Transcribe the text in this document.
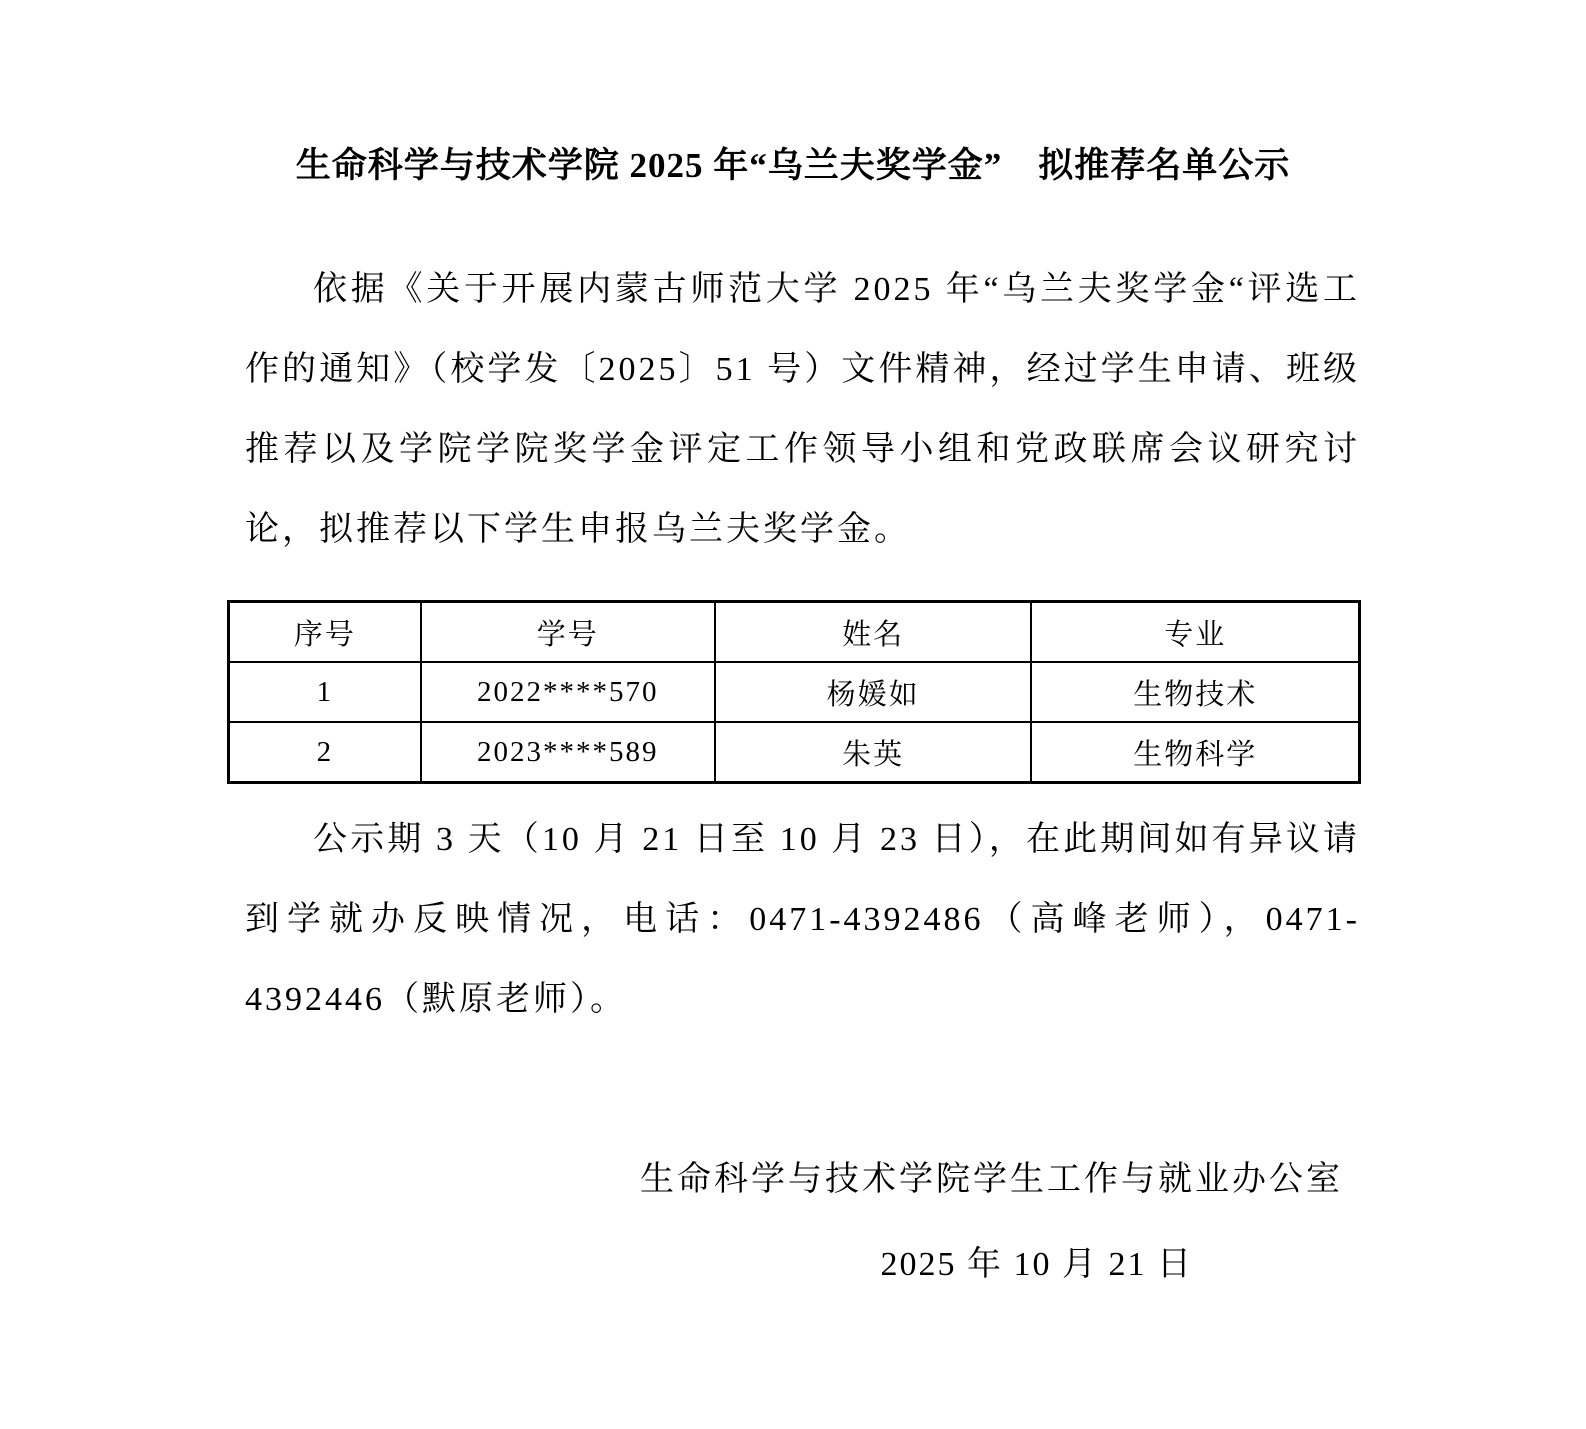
生命科学与技术学院 2025 年“乌兰夫奖学金”　拟推荐名单公示

依据《关于开展内蒙古师范大学 2025 年“乌兰夫奖学金“评选工作的通知》（校学发〔2025〕51 号）文件精神，经过学生申请、班级推荐以及学院学院奖学金评定工作领导小组和党政联席会议研究讨论，拟推荐以下学生申报乌兰夫奖学金。

序号	学号	姓名	专业
1	2022****570	杨媛如	生物技术
2	2023****589	朱英	生物科学

公示期 3 天（10 月 21 日至 10 月 23 日），在此期间如有异议请到学就办反映情况，电话：0471-4392486（高峰老师），0471-4392446（默原老师）。

生命科学与技术学院学生工作与就业办公室
2025 年 10 月 21 日
